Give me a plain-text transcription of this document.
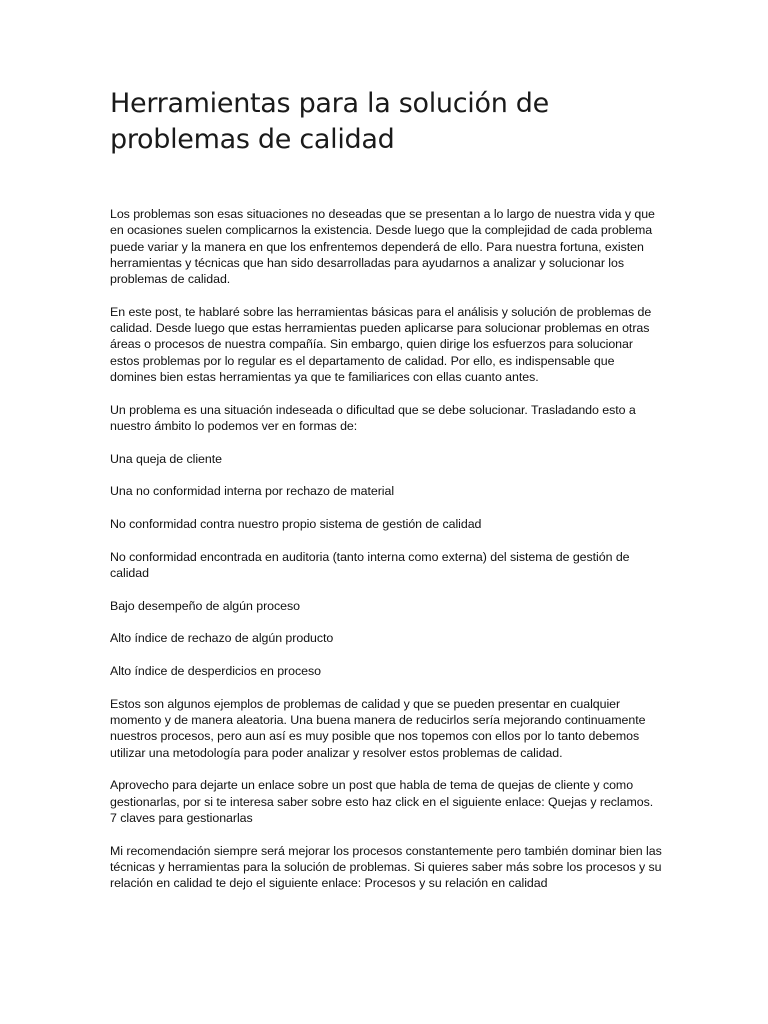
Herramientas para la solución de problemas de calidad

Los problemas son esas situaciones no deseadas que se presentan a lo largo de nuestra vida y que en ocasiones suelen complicarnos la existencia. Desde luego que la complejidad de cada problema puede variar y la manera en que los enfrentemos dependerá de ello. Para nuestra fortuna, existen herramientas y técnicas que han sido desarrolladas para ayudarnos a analizar y solucionar los problemas de calidad.

En este post, te hablaré sobre las herramientas básicas para el análisis y solución de problemas de calidad. Desde luego que estas herramientas pueden aplicarse para solucionar problemas en otras áreas o procesos de nuestra compañía. Sin embargo, quien dirige los esfuerzos para solucionar estos problemas por lo regular es el departamento de calidad. Por ello, es indispensable que domines bien estas herramientas ya que te familiarices con ellas cuanto antes.

Un problema es una situación indeseada o dificultad que se debe solucionar. Trasladando esto a nuestro ámbito lo podemos ver en formas de:

Una queja de cliente

Una no conformidad interna por rechazo de material

No conformidad contra nuestro propio sistema de gestión de calidad

No conformidad encontrada en auditoria (tanto interna como externa) del sistema de gestión de calidad

Bajo desempeño de algún proceso

Alto índice de rechazo de algún producto

Alto índice de desperdicios en proceso

Estos son algunos ejemplos de problemas de calidad y que se pueden presentar en cualquier momento y de manera aleatoria. Una buena manera de reducirlos sería mejorando continuamente nuestros procesos, pero aun así es muy posible que nos topemos con ellos por lo tanto debemos utilizar una metodología para poder analizar y resolver estos problemas de calidad.

Aprovecho para dejarte un enlace sobre un post que habla de tema de quejas de cliente y como gestionarlas, por si te interesa saber sobre esto haz click en el siguiente enlace: Quejas y reclamos. 7 claves para gestionarlas

Mi recomendación siempre será mejorar los procesos constantemente pero también dominar bien las técnicas y herramientas para la solución de problemas. Si quieres saber más sobre los procesos y su relación en calidad te dejo el siguiente enlace: Procesos y su relación en calidad
